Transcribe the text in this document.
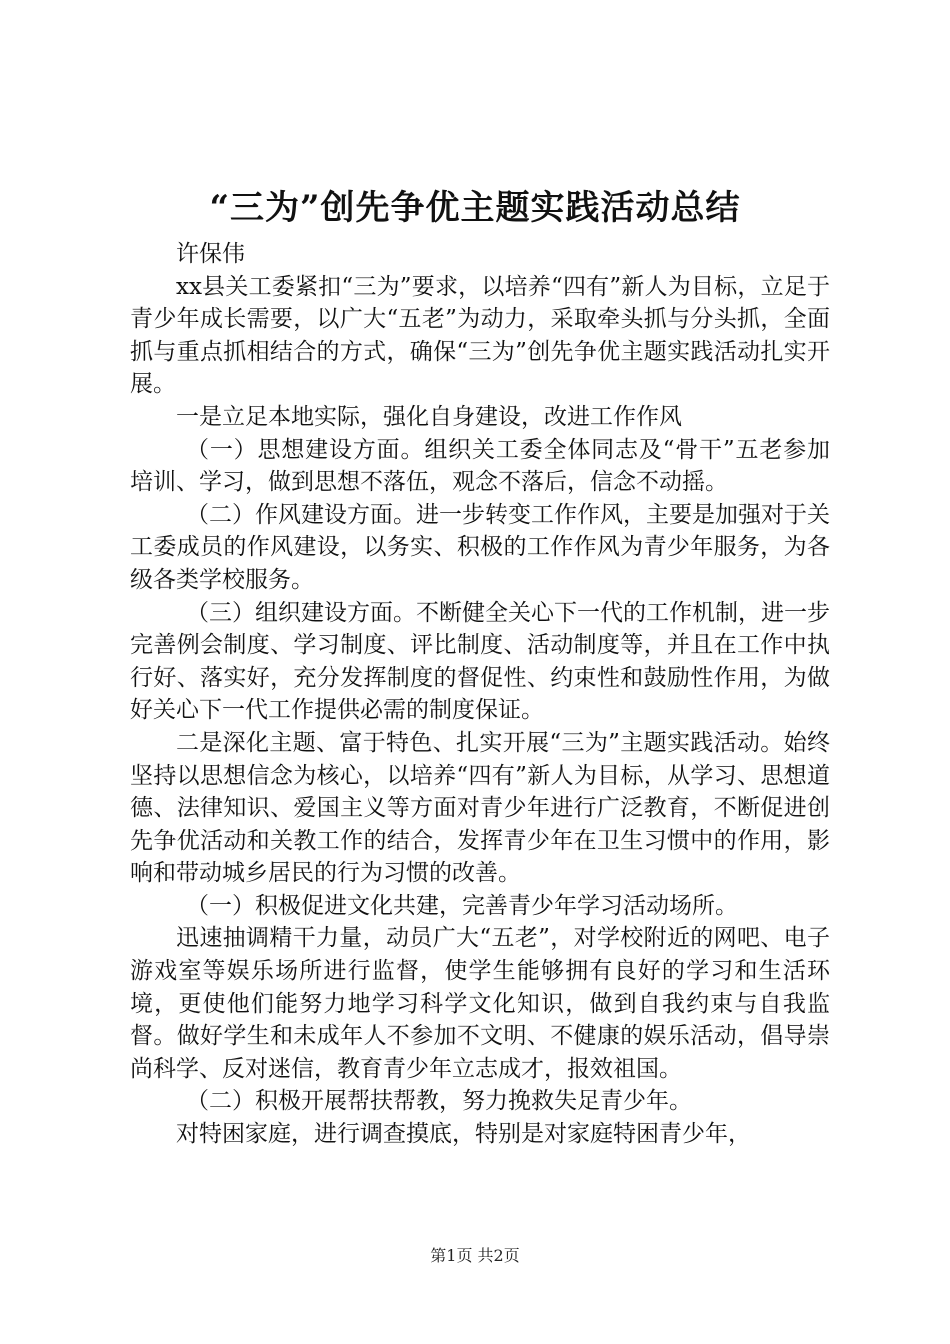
“三为”创先争优主题实践活动总结

许保伟

xx县关工委紧扣“三为”要求，以培养“四有”新人为目标，立足于青少年成长需要，以广大“五老”为动力，采取牵头抓与分头抓，全面抓与重点抓相结合的方式，确保“三为”创先争优主题实践活动扎实开展。

一是立足本地实际，强化自身建设，改进工作作风

（一）思想建设方面。组织关工委全体同志及“骨干”五老参加培训、学习，做到思想不落伍，观念不落后，信念不动摇。

（二）作风建设方面。进一步转变工作作风，主要是加强对于关工委成员的作风建设，以务实、积极的工作作风为青少年服务，为各级各类学校服务。

（三）组织建设方面。不断健全关心下一代的工作机制，进一步完善例会制度、学习制度、评比制度、活动制度等，并且在工作中执行好、落实好，充分发挥制度的督促性、约束性和鼓励性作用，为做好关心下一代工作提供必需的制度保证。

二是深化主题、富于特色、扎实开展“三为”主题实践活动。始终坚持以思想信念为核心，以培养“四有”新人为目标，从学习、思想道德、法律知识、爱国主义等方面对青少年进行广泛教育，不断促进创先争优活动和关教工作的结合，发挥青少年在卫生习惯中的作用，影响和带动城乡居民的行为习惯的改善。

（一）积极促进文化共建，完善青少年学习活动场所。

迅速抽调精干力量，动员广大“五老”，对学校附近的网吧、电子游戏室等娱乐场所进行监督，使学生能够拥有良好的学习和生活环境，更使他们能努力地学习科学文化知识，做到自我约束与自我监督。做好学生和未成年人不参加不文明、不健康的娱乐活动，倡导崇尚科学、反对迷信，教育青少年立志成才，报效祖国。

（二）积极开展帮扶帮教，努力挽救失足青少年。

对特困家庭，进行调查摸底，特别是对家庭特困青少年，

第1页 共2页
